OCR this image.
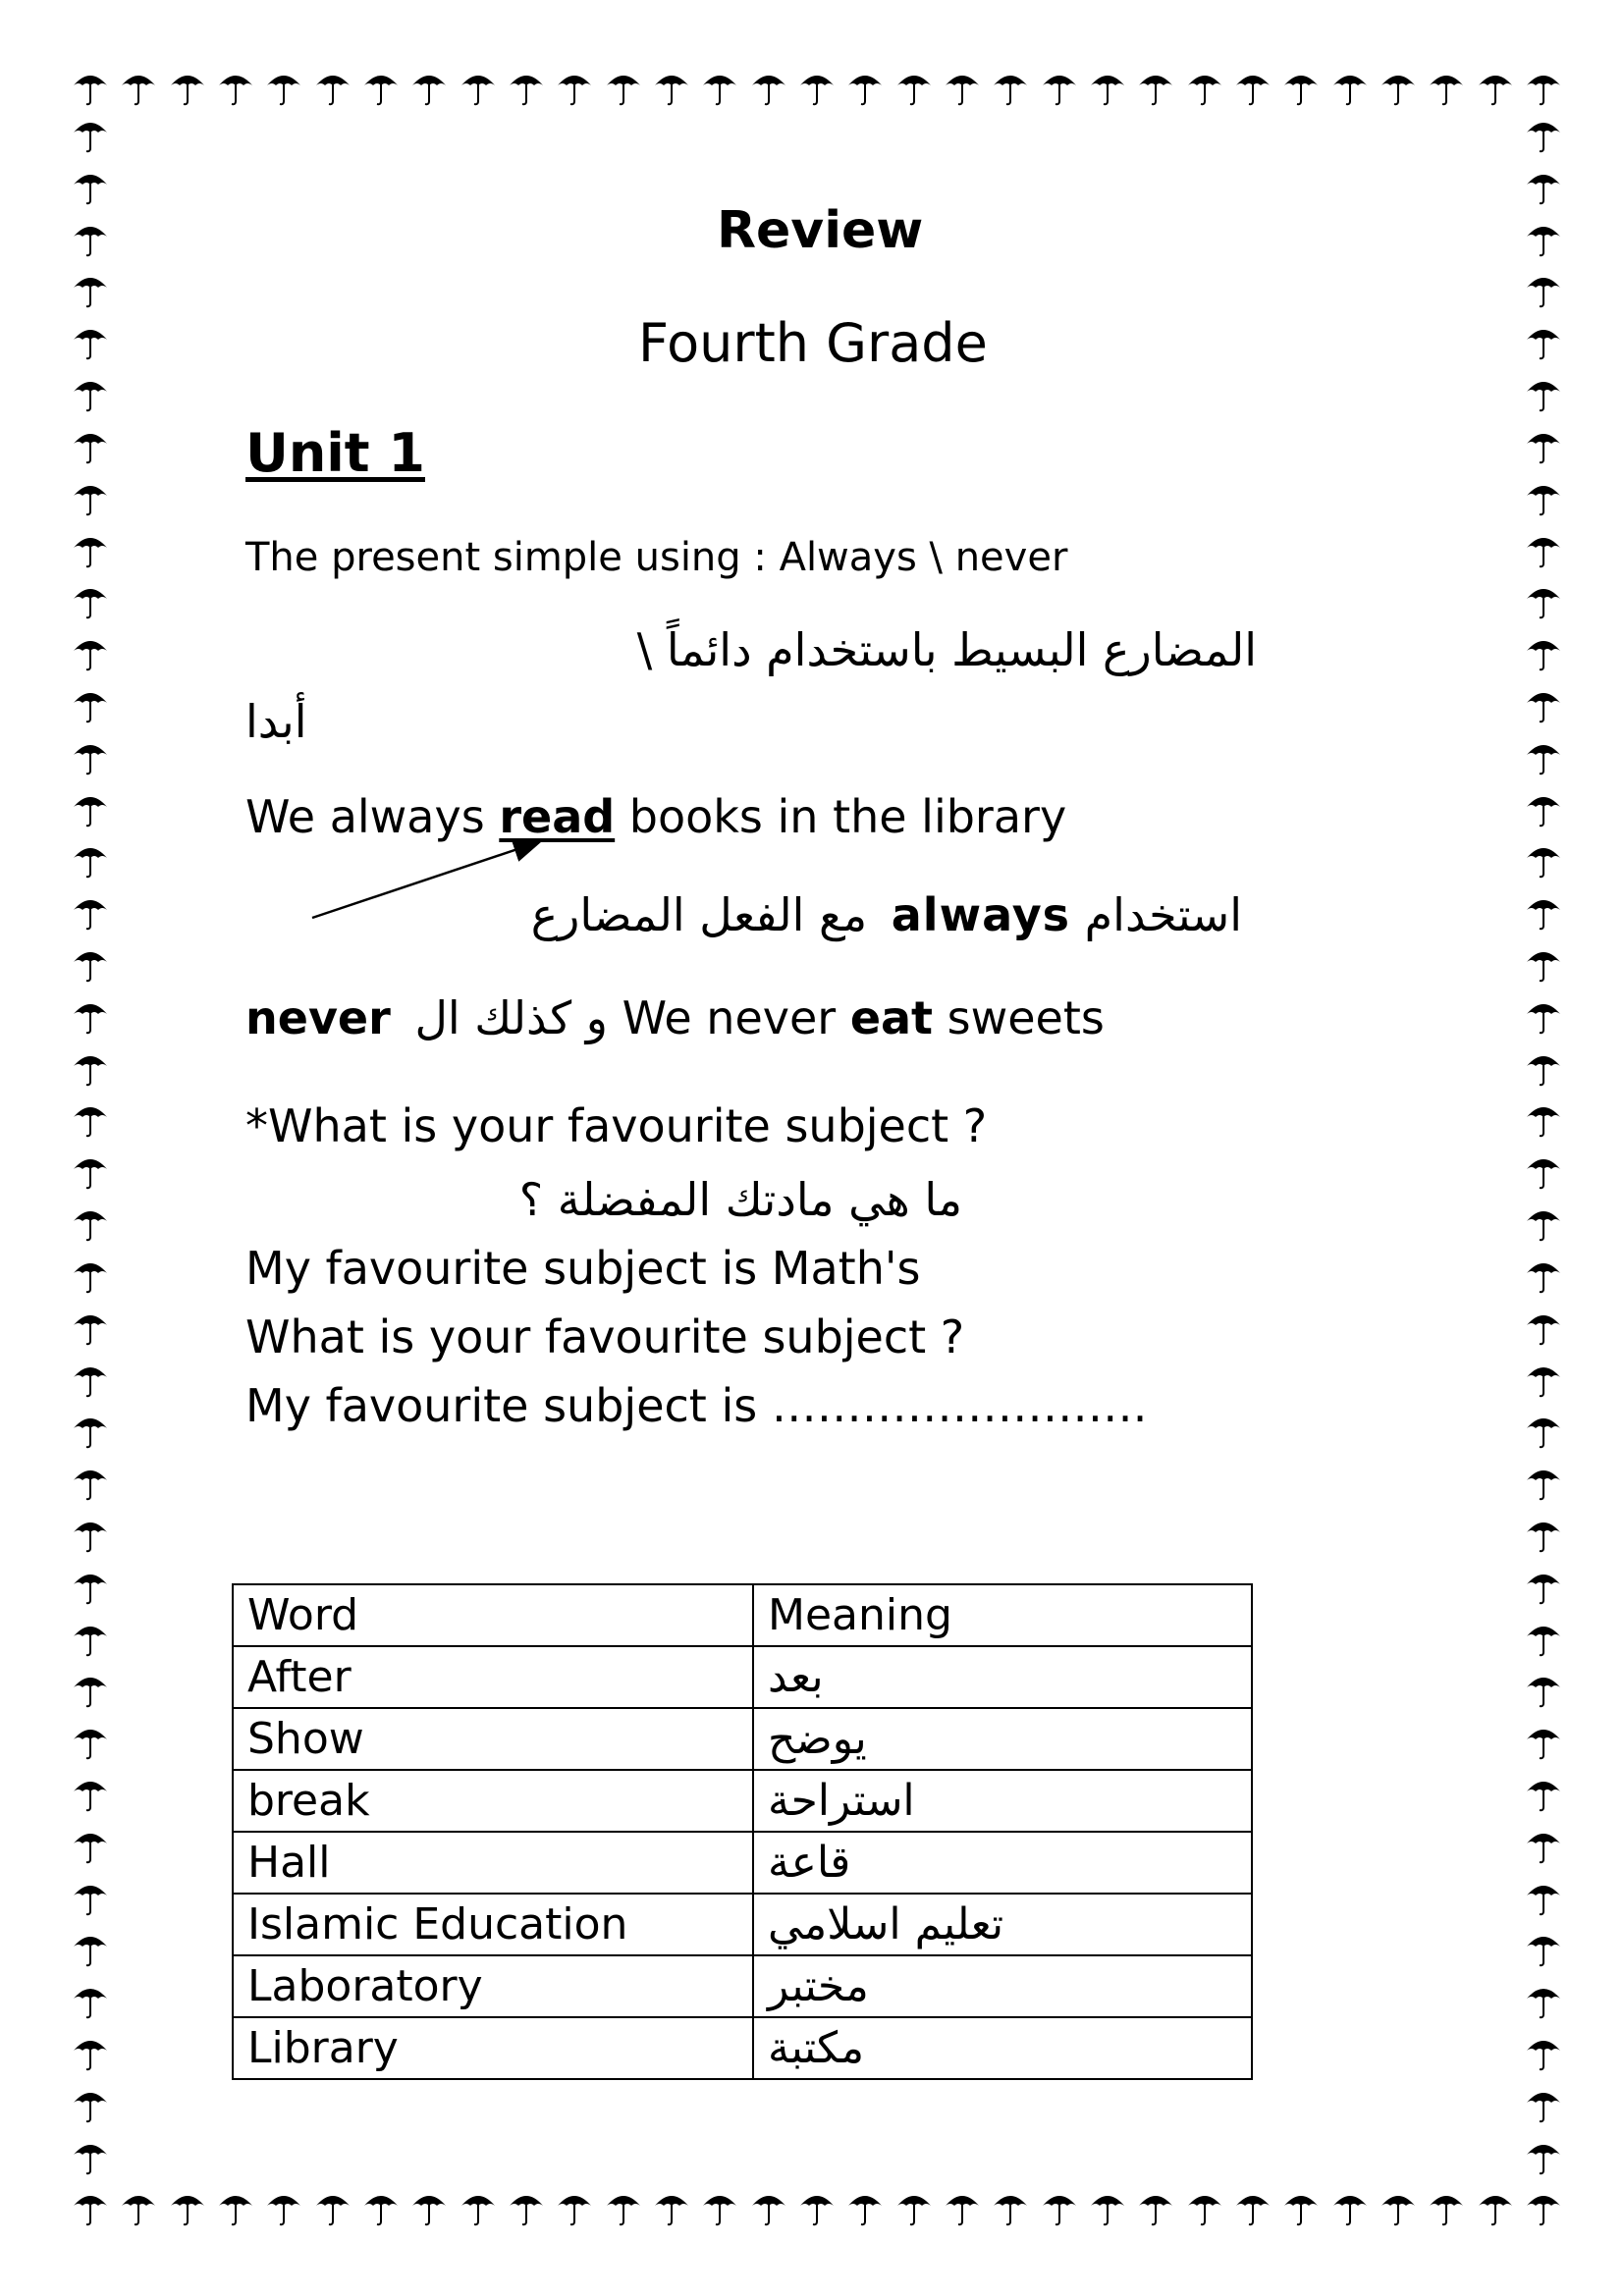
Review
Fourth Grade
Unit 1
The present simple using : Always \ never
المضارع البسيط باستخدام دائماً \
أبدا
We always read books in the library
استخدام always مع الفعل المضارع
never و كذلك ال We never eat sweets
*What is your favourite subject ?
ما هي مادتك المفضلة ؟
My favourite subject is Math's
What is your favourite subject ?
My favourite subject is …………………….
Word	Meaning
After	بعد
Show	يوضح
break	استراحة
Hall	قاعة
Islamic Education	تعليم اسلامي
Laboratory	مختبر
Library	مكتبة
